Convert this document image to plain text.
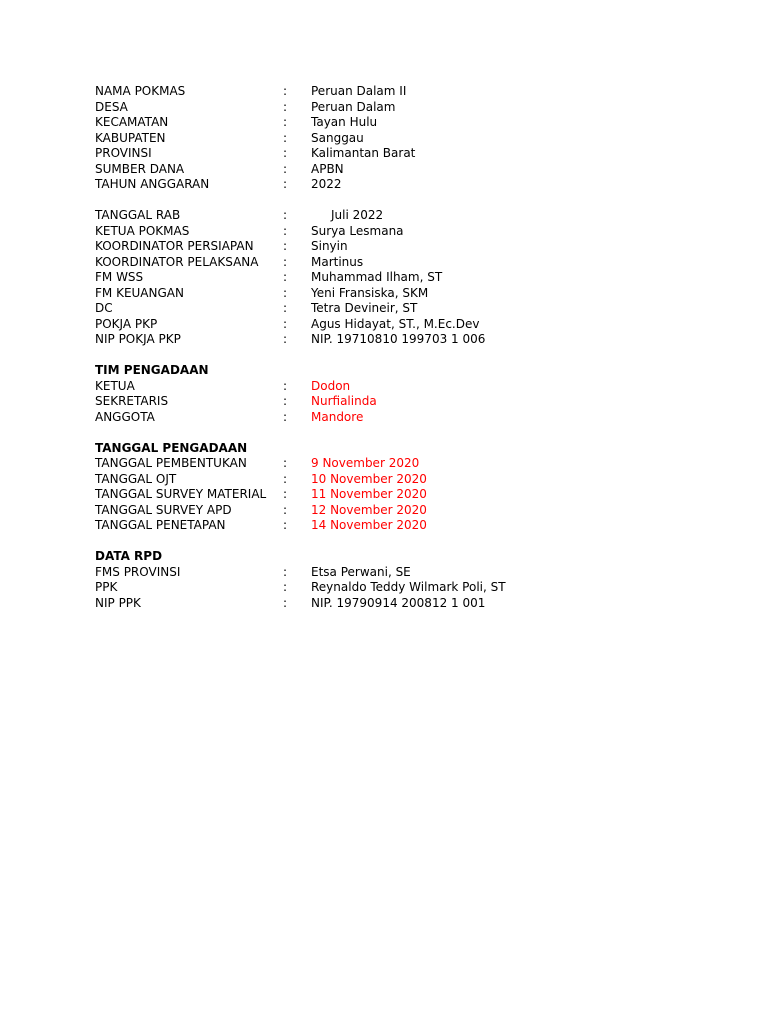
NAMA POKMAS	:	Peruan Dalam II
DESA	:	Peruan Dalam
KECAMATAN	:	Tayan Hulu
KABUPATEN	:	Sanggau
PROVINSI	:	Kalimantan Barat
SUMBER DANA	:	APBN
TAHUN ANGGARAN	:	2022
TANGGAL RAB	:	Juli 2022
KETUA POKMAS	:	Surya Lesmana
KOORDINATOR PERSIAPAN	:	Sinyin
KOORDINATOR PELAKSANA	:	Martinus
FM WSS	:	Muhammad Ilham, ST
FM KEUANGAN	:	Yeni Fransiska, SKM
DC	:	Tetra Devineir, ST
POKJA PKP	:	Agus Hidayat, ST., M.Ec.Dev
NIP POKJA PKP	:	NIP. 19710810 199703 1 006
TIM PENGADAAN
KETUA	:	Dodon
SEKRETARIS	:	Nurfialinda
ANGGOTA	:	Mandore
TANGGAL PENGADAAN
TANGGAL PEMBENTUKAN	:	9 November 2020
TANGGAL OJT	:	10 November 2020
TANGGAL SURVEY MATERIAL	:	11 November 2020
TANGGAL SURVEY APD	:	12 November 2020
TANGGAL PENETAPAN	:	14 November 2020
DATA RPD
FMS PROVINSI	:	Etsa Perwani, SE
PPK	:	Reynaldo Teddy Wilmark Poli, ST
NIP PPK	:	NIP. 19790914 200812 1 001
